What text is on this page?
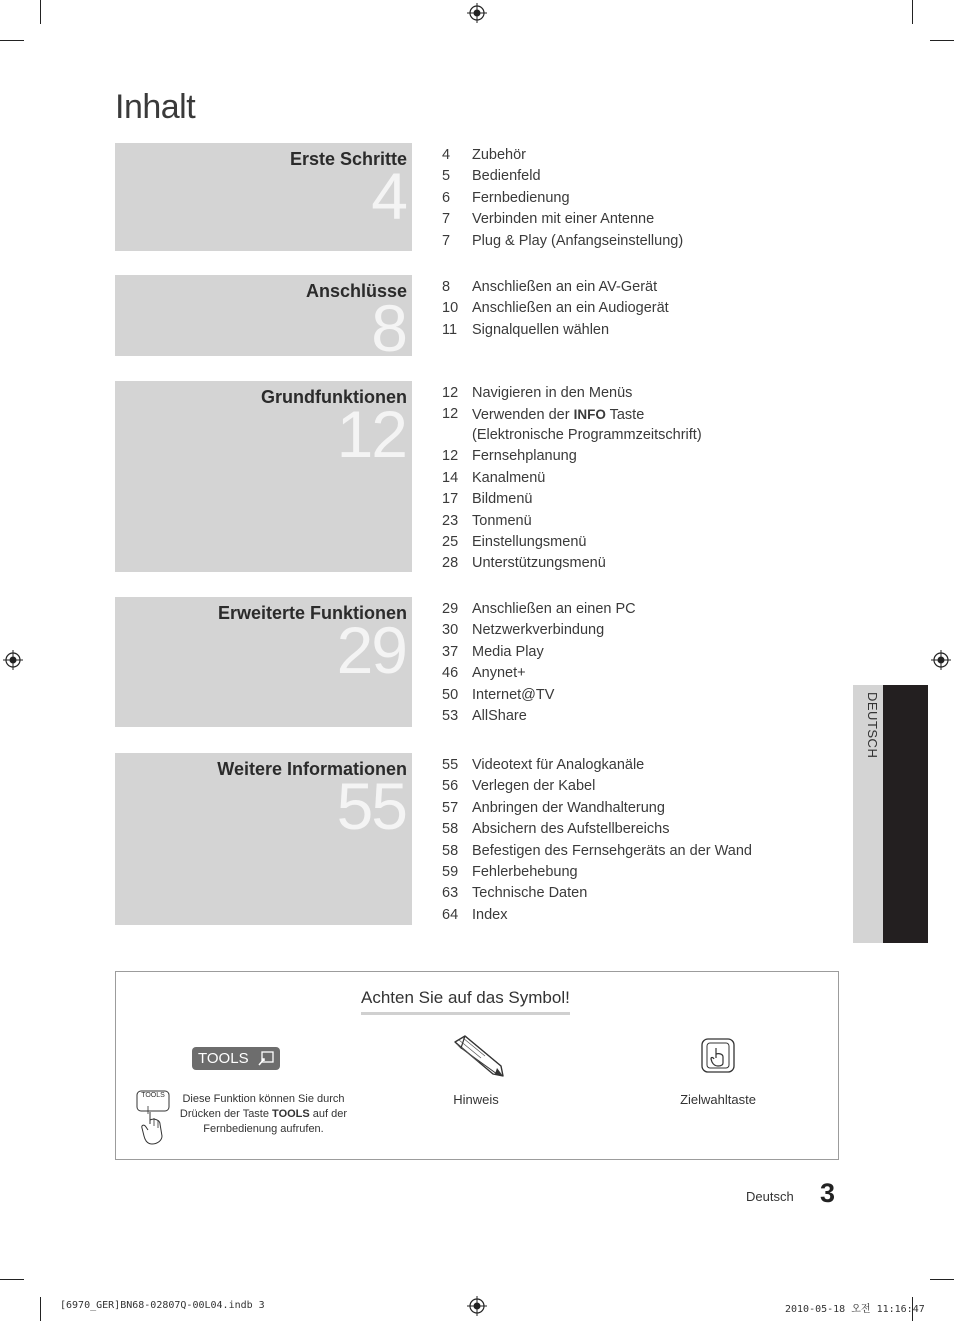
Inhalt
Erste Schritte
4
4	Zubehör
5	Bedienfeld
6	Fernbedienung
7	Verbinden mit einer Antenne
7	Plug & Play (Anfangseinstellung)
Anschlüsse
8
8	Anschließen an ein AV-Gerät
10 Anschließen an ein Audiogerät
11	Signalquellen wählen
Grundfunktionen
12
12 Navigieren in den Menüs
12 Verwenden der INFO Taste
(Elektronische Programmzeitschrift)
12 Fernsehplanung
14 Kanalmenü
17 Bildmenü
23 Tonmenü
25 Einstellungsmenü
28 Unterstützungsmenü
Erweiterte Funktionen
29
29 Anschließen an einen PC
30 Netzwerkverbindung
37 Media Play
46 Anynet+
50 Internet@TV
53 AllShare
Weitere Informationen
55
55 Videotext für Analogkanäle
56 Verlegen der Kabel
57 Anbringen der Wandhalterung
58 Absichern des Aufstellbereichs
58 Befestigen des Fernsehgeräts an der Wand
59 Fehlerbehebung
63 Technische Daten
64 Index
DEUTSCH
Achten Sie auf das Symbol!
TOOLS
TOOLS	Diese Funktion können Sie durch
Drücken der Taste TOOLS auf der
Fernbedienung aufrufen.
Hinweis	Zielwahltaste
Deutsch 3
[6970_GER]BN68-02807Q-00L04.indb 3	2010-05-18 오전 11:16:47
